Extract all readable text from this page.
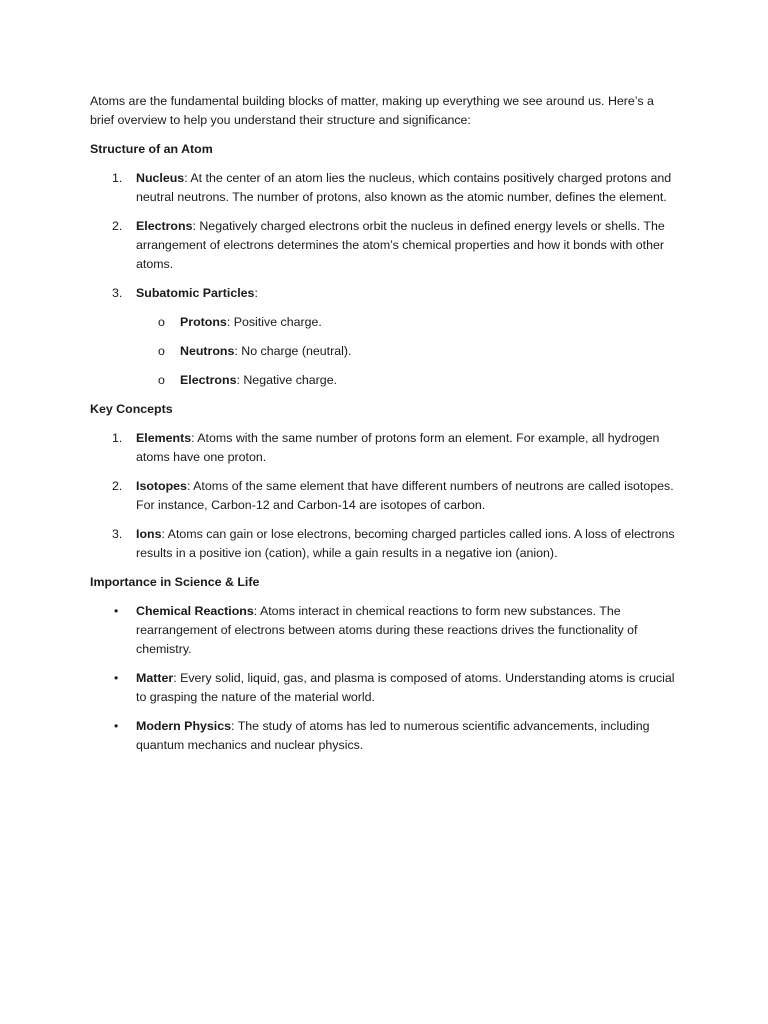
Atoms are the fundamental building blocks of matter, making up everything we see around us. Here’s a brief overview to help you understand their structure and significance:

Structure of an Atom

1. Nucleus: At the center of an atom lies the nucleus, which contains positively charged protons and neutral neutrons. The number of protons, also known as the atomic number, defines the element.
2. Electrons: Negatively charged electrons orbit the nucleus in defined energy levels or shells. The arrangement of electrons determines the atom’s chemical properties and how it bonds with other atoms.
3. Subatomic Particles:
o Protons: Positive charge.
o Neutrons: No charge (neutral).
o Electrons: Negative charge.

Key Concepts

1. Elements: Atoms with the same number of protons form an element. For example, all hydrogen atoms have one proton.
2. Isotopes: Atoms of the same element that have different numbers of neutrons are called isotopes. For instance, Carbon-12 and Carbon-14 are isotopes of carbon.
3. Ions: Atoms can gain or lose electrons, becoming charged particles called ions. A loss of electrons results in a positive ion (cation), while a gain results in a negative ion (anion).

Importance in Science & Life

• Chemical Reactions: Atoms interact in chemical reactions to form new substances. The rearrangement of electrons between atoms during these reactions drives the functionality of chemistry.
• Matter: Every solid, liquid, gas, and plasma is composed of atoms. Understanding atoms is crucial to grasping the nature of the material world.
• Modern Physics: The study of atoms has led to numerous scientific advancements, including quantum mechanics and nuclear physics.
